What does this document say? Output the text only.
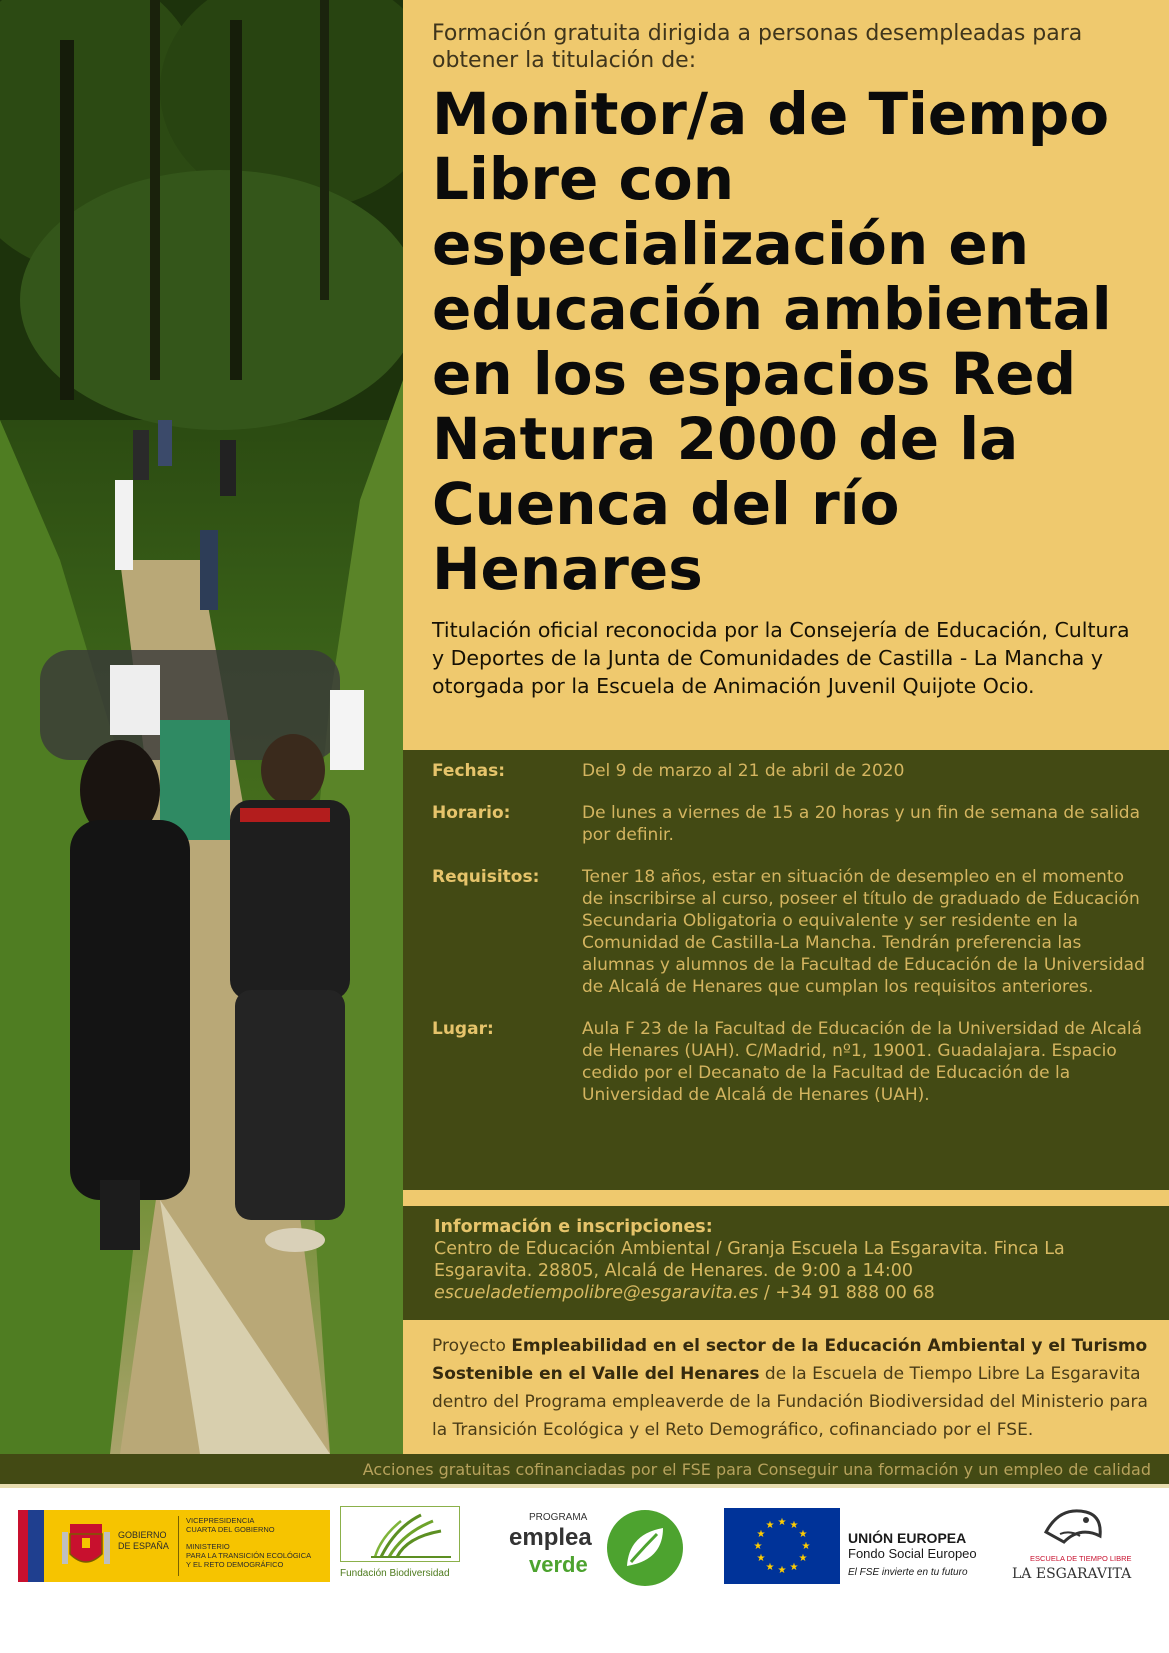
Formación gratuita dirigida a personas desempleadas para obtener la titulación de:

Monitor/a de Tiempo Libre con especialización en educación ambiental en los espacios Red Natura 2000 de la Cuenca del río Henares

Titulación oficial reconocida por la Consejería de Educación, Cultura y Deportes de la Junta de Comunidades de Castilla - La Mancha y otorgada por la Escuela de Animación Juvenil Quijote Ocio.

Fechas:	Del 9 de marzo al 21 de abril de 2020
Horario:	De lunes a viernes de 15 a 20 horas y un fin de semana de salida por definir.
Requisitos:	Tener 18 años, estar en situación de desempleo en el momento de inscribirse al curso, poseer el título de graduado de Educación Secundaria Obligatoria o equivalente y ser residente en la Comunidad de Castilla-La Mancha. Tendrán preferencia las alumnas y alumnos de la Facultad de Educación de la Universidad de Alcalá de Henares que cumplan los requisitos anteriores.
Lugar:	Aula F 23 de la Facultad de Educación de la Universidad de Alcalá de Henares (UAH). C/Madrid, nº1, 19001. Guadalajara. Espacio cedido por el Decanato de la Facultad de Educación de la Universidad de Alcalá de Henares (UAH).
Información e inscripciones:
Centro de Educación Ambiental / Granja Escuela La Esgaravita. Finca La Esgaravita. 28805, Alcalá de Henares. de 9:00 a 14:00
escueladetiempolibre@esgaravita.es / +34 91 888 00 68
Proyecto Empleabilidad en el sector de la Educación Ambiental y el Turismo Sostenible en el Valle del Henares de la Escuela de Tiempo Libre La Esgaravita dentro del Programa empleaverde de la Fundación Biodiversidad del Ministerio para la Transición Ecológica y el Reto Demográfico, cofinanciado por el FSE.
Acciones gratuitas cofinanciadas por el FSE para Conseguir una formación y un empleo de calidad
GOBIERNO
DE ESPAÑA
VICEPRESIDENCIA
CUARTA DEL GOBIERNO
MINISTERIO
PARA LA TRANSICIÓN ECOLÓGICA
Y EL RETO DEMOGRÁFICO
Fundación Biodiversidad
PROGRAMA
emplea
verde
★ ★
★
★
★
★
★
★
★
★
★
★
UNIÓN EUROPEA
Fondo Social Europeo
El FSE invierte en tu futuro
ESCUELA DE TIEMPO LIBRE
LA ESGARAVITA
